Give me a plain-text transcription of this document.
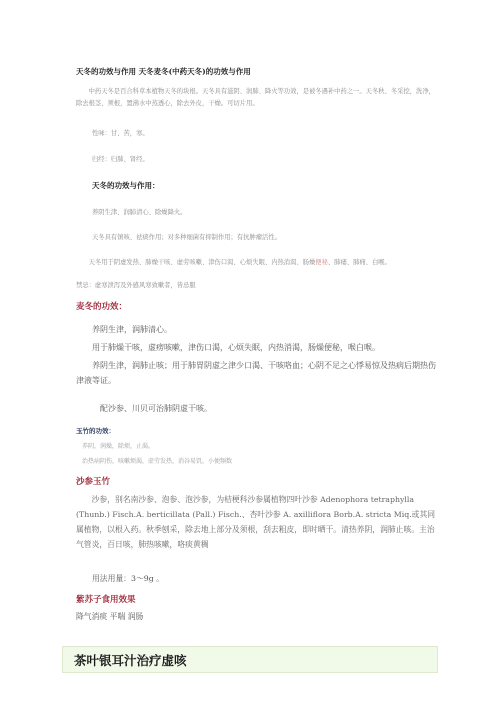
天冬的功效与作用 天冬麦冬(中药天冬)的功效与作用

中药天冬是百合科草本植物天冬的块根。天冬具有滋阴、润肺、降火等功效，是被冬遇补中药之一。天冬秋、冬采挖，洗净，除去根茎、须根，置沸水中蒸透心，除去外皮，干燥。可切片用。

性味：甘、苦，寒。

归经：归肺、肾经。

天冬的功效与作用：

养阴生津、润肺清心、除燥降火。

天冬具有镇咳、祛痰作用；对多种细菌有抑制作用；有抗肿瘤活性。

天冬用于阴虚发热、肺燥干咳、虚劳咳嗽、津伤口渴、心烦失眠、内热消渴、肠燥便秘、肺痿、肺痈、白喉。

禁忌：虚寒泄泻及外感风寒致嗽者，皆忌服

麦冬的功效：

养阴生津，润肺清心。

用于肺燥干咳，虚痨咳嗽，津伤口渴，心烦失眠，内热消渴，肠燥便秘，喉白喉。

养阴生津，润肺止咳；用于肺胃阴虚之津少口渴、干咳咯血；心阴不足之心悸易惊及热病后期热伤津液等证。

配沙参、川贝可治肺阴虚干咳。

玉竹的功效：

养阴，润燥，除烦，止渴。

治热病阴伤，咳嗽烦渴，虚劳发热，消谷易饥，小便频数

沙参玉竹

沙参，别名南沙参、泡参、泡沙参，为桔梗科沙参属植物四叶沙参 Adenophora tetraphylla (Thunb.) Fisch.A. berticillata (Pall.) Fisch.、杏叶沙参 A. axilliflora Borb.A. stricta Miq.或其同属植物，以根入药。秋季刨采，除去地上部分及须根，刮去粗皮，即时晒干。清热养阴，润肺止咳。主治气管炎，百日咳，肺热咳嗽，咯痰黄稠

用法用量：3～9g 。

紫苏子食用效果

降气消痰 平喘 润肠

茶叶银耳汁治疗虚咳
